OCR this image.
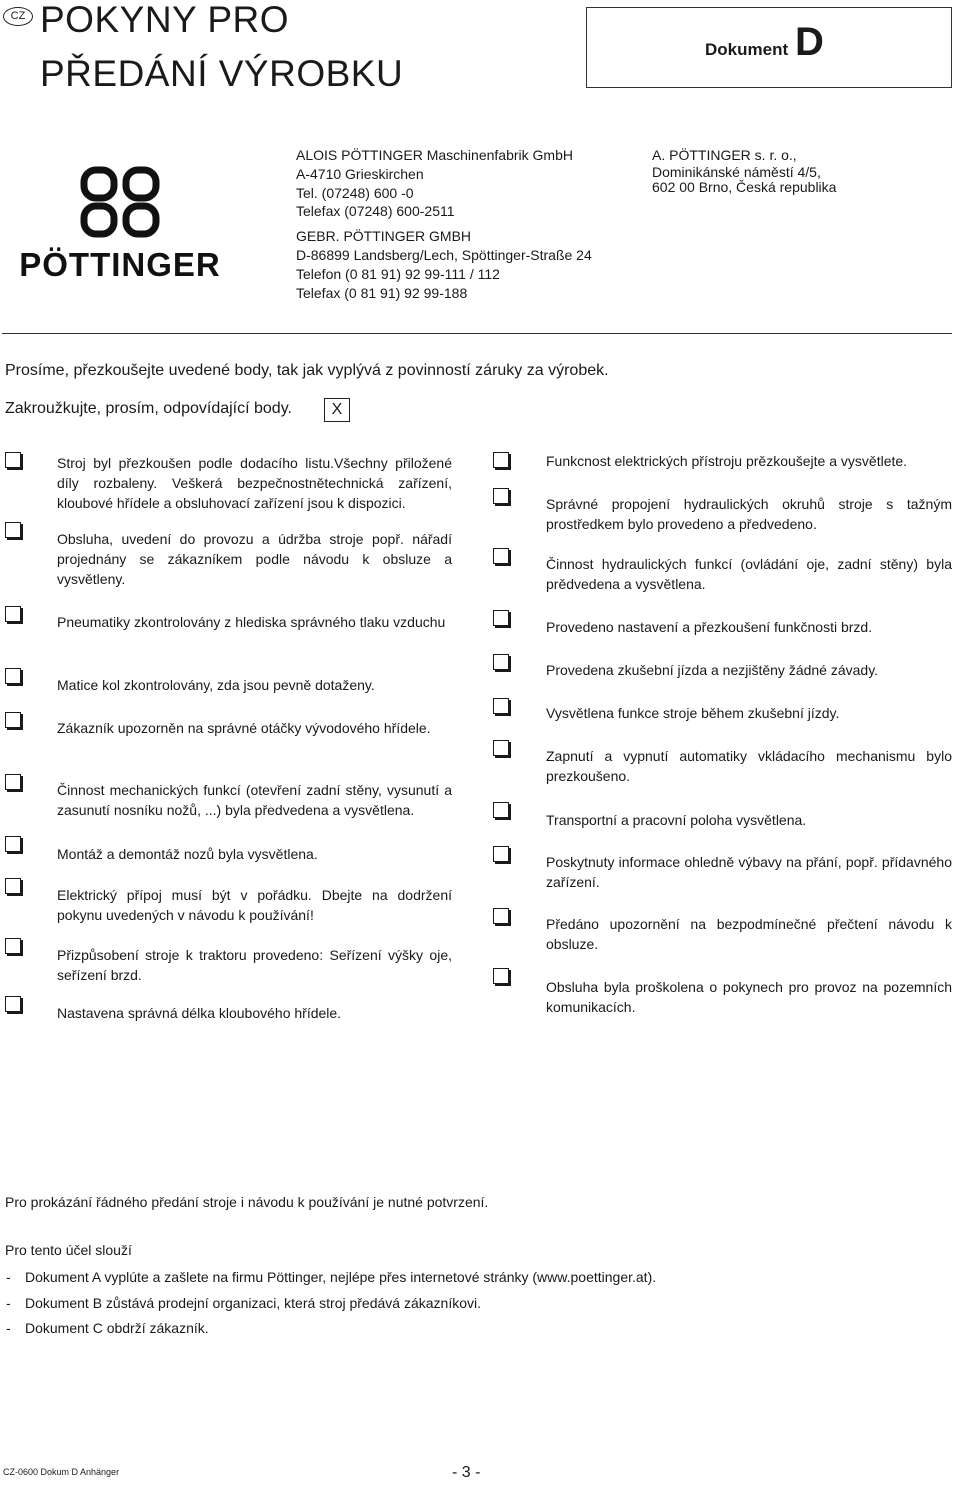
CZ POKYNY PRO
PŘEDÁNÍ VÝROBKU
Dokument D
PÖTTINGER
ALOIS PÖTTINGER Maschinenfabrik GmbH
A-4710 Grieskirchen
Tel. (07248) 600 -0
Telefax (07248) 600-2511
GEBR. PÖTTINGER GMBH
D-86899 Landsberg/Lech, Spöttinger-Straße 24
Telefon (0 81 91) 92 99-111 / 112
Telefax (0 81 91) 92 99-188
A. PÖTTINGER s. r. o.,
Dominikánské náměstí 4/5,
602 00 Brno, Česká republika
Prosíme, přezkoušejte uvedené body, tak jak vyplývá z povinností záruky za výrobek.
Zakroužkujte, prosím, odpovídající body.	X
Stroj byl přezkoušen podle dodacího listu.Všechny přiložené díly rozbaleny. Veškerá bezpečnostnětechnická zařízení, kloubové hřídele a obsluhovací zařízení jsou k dispozici.
Obsluha, uvedení do provozu a údržba stroje popř. nářadí projednány se zákazníkem podle návodu k obsluze a vysvětleny.
Pneumatiky zkontrolovány z hlediska správného tlaku vzduchu
Matice kol zkontrolovány, zda jsou pevně dotaženy.
Zákazník upozorněn na správné otáčky vývodového hřídele.
Činnost mechanických funkcí (otevření zadní stěny, vysunutí a zasunutí nosníku nožů, ...) byla předvedena a vysvětlena.
Montáž a demontáž nozů byla vysvětlena.
Elektrický přípoj musí být v pořádku. Dbejte na dodržení pokynu uvedených v návodu k používání!
Přizpůsobení stroje k traktoru provedeno: Seřízení výšky oje, seřízení brzd.
Nastavena správná délka kloubového hřídele.
Funkcnost elektrických přístroju prězkoušejte a vysvětlete.
Správné propojení hydraulických okruhů stroje s tažným prostředkem bylo provedeno a předvedeno.
Činnost hydraulických funkcí (ovládání oje, zadní stěny) byla prědvedena a vysvětlena.
Provedeno nastavení a přezkoušení funkčnosti brzd.
Provedena zkušební jízda a nezjištěny žádné závady.
Vysvětlena funkce stroje během zkušební jízdy.
Zapnutí a vypnutí automatiky vkládacího mechanismu bylo prezkoušeno.
Transportní a pracovní poloha vysvětlena.
Poskytnuty informace ohledně výbavy na přání, popř. přídavného zařízení.
Předáno upozornění na bezpodmínečné přečtení návodu k obsluze.
Obsluha byla proškolena o pokynech pro provoz na pozemních komunikacích.
Pro prokázání řádného předání stroje i návodu k používání je nutné potvrzení.
Pro tento účel slouží
- Dokument A vyplúte a zašlete na firmu Pöttinger, nejlépe přes internetové stránky (www.poettinger.at).
- Dokument B zůstává prodejní organizaci, která stroj předává zákazníkovi.
- Dokument C obdrží zákazník.
CZ-0600 Dokum D Anhänger	- 3 -
